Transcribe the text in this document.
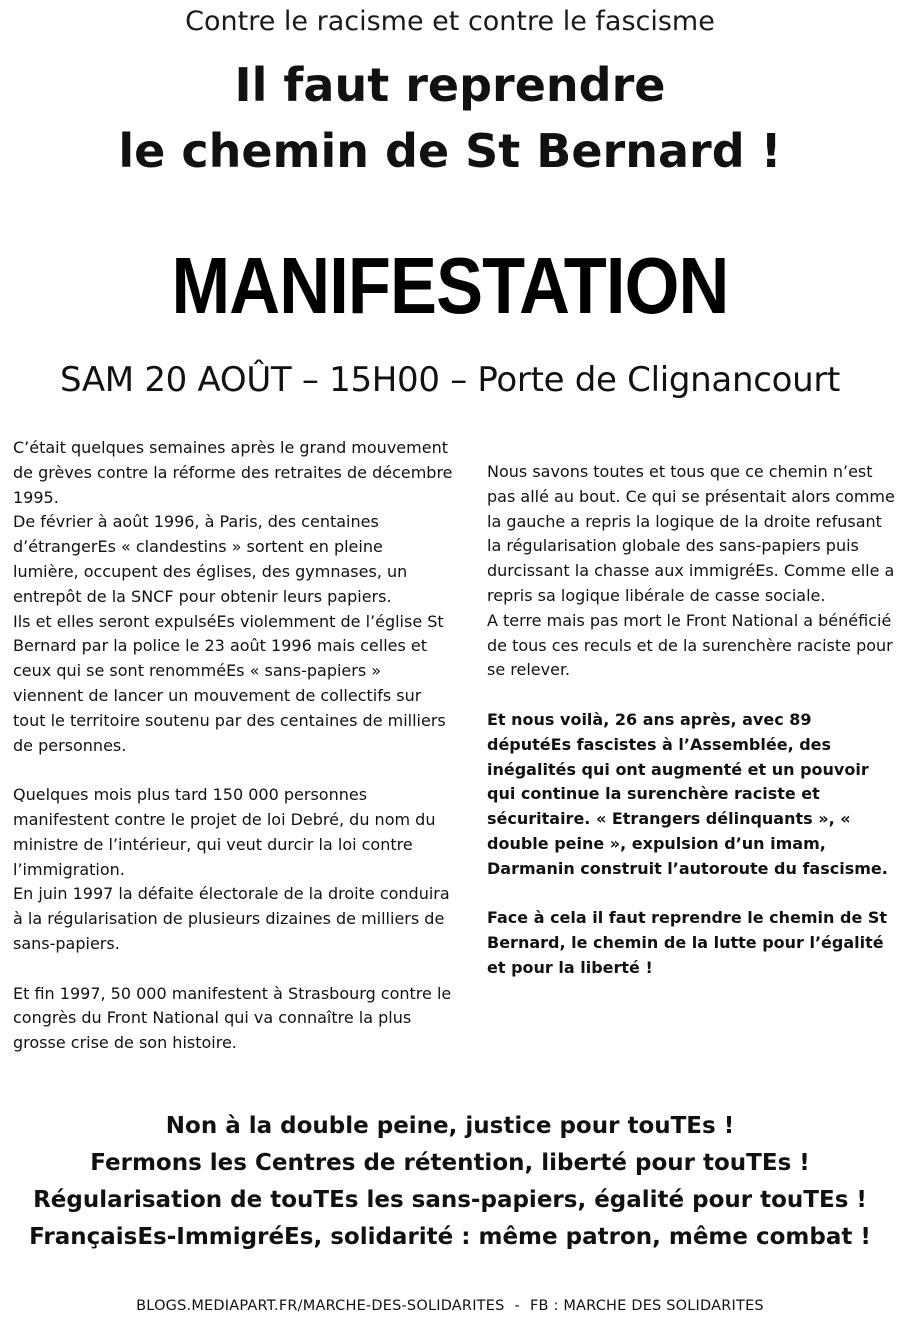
Contre le racisme et contre le fascisme
Il faut reprendre
le chemin de St Bernard !
MANIFESTATION
SAM 20 AOÛT – 15H00 – Porte de Clignancourt

C’était quelques semaines après le grand mouvement de grèves contre la réforme des retraites de décembre 1995.

De février à août 1996, à Paris, des centaines d’étrangerEs « clandestins » sortent en pleine lumière, occupent des églises, des gymnases, un entrepôt de la SNCF pour obtenir leurs papiers.

Ils et elles seront expulséEs violemment de l’église St Bernard par la police le 23 août 1996 mais celles et ceux qui se sont renomméEs « sans-papiers » viennent de lancer un mouvement de collectifs sur tout le territoire soutenu par des centaines de milliers de personnes.

Quelques mois plus tard 150 000 personnes manifestent contre le projet de loi Debré, du nom du ministre de l’intérieur, qui veut durcir la loi contre l’immigration.

En juin 1997 la défaite électorale de la droite conduira à la régularisation de plusieurs dizaines de milliers de sans-papiers.

Et fin 1997, 50 000 manifestent à Strasbourg contre le congrès du Front National qui va connaître la plus grosse crise de son histoire.

Nous savons toutes et tous que ce chemin n’est pas allé au bout. Ce qui se présentait alors comme la gauche a repris la logique de la droite refusant la régularisation globale des sans-papiers puis durcissant la chasse aux immigréEs. Comme elle a repris sa logique libérale de casse sociale.

A terre mais pas mort le Front National a bénéficié de tous ces reculs et de la surenchère raciste pour se relever.

Et nous voilà, 26 ans après, avec 89 députéEs fascistes à l’Assemblée, des inégalités qui ont augmenté et un pouvoir qui continue la surenchère raciste et sécuritaire. « Etrangers délinquants », « double peine », expulsion d’un imam, Darmanin construit l’autoroute du fascisme.

Face à cela il faut reprendre le chemin de St Bernard, le chemin de la lutte pour l’égalité et pour la liberté !

Non à la double peine, justice pour touTEs !
Fermons les Centres de rétention, liberté pour touTEs !
Régularisation de touTEs les sans-papiers, égalité pour touTEs !
FrançaisEs-ImmigréEs, solidarité : même patron, même combat !
BLOGS.MEDIAPART.FR/MARCHE-DES-SOLIDARITES - FB : MARCHE DES SOLIDARITES
